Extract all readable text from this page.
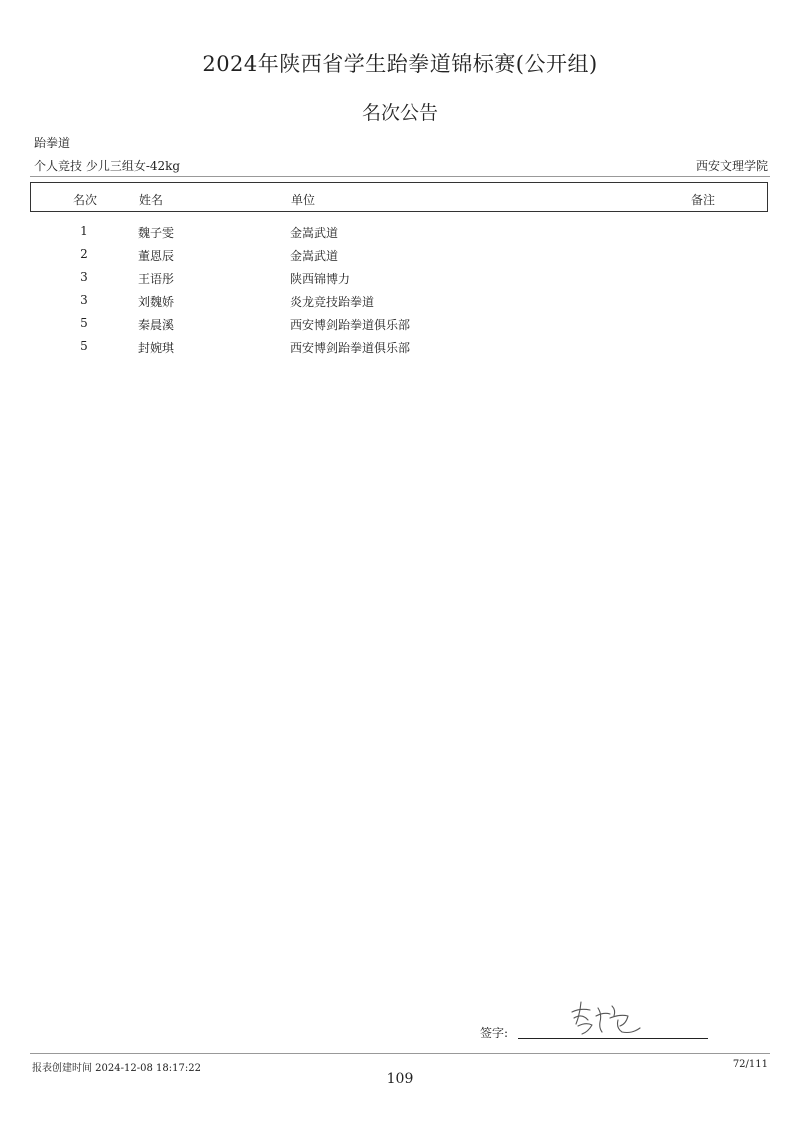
2024年陕西省学生跆拳道锦标赛(公开组)
名次公告
跆拳道
个人竞技 少儿三组女-42kg	西安文理学院
名次	姓名	单位	备注
1	魏子雯	金嵩武道
2	董恩辰	金嵩武道
3	王语彤	陕西锦博力
3	刘魏娇	炎龙竞技跆拳道
5	秦晨溪	西安博剑跆拳道俱乐部
5	封婉琪	西安博剑跆拳道俱乐部
签字:
报表创建时间 2024-12-08 18:17:22	72/111
109
